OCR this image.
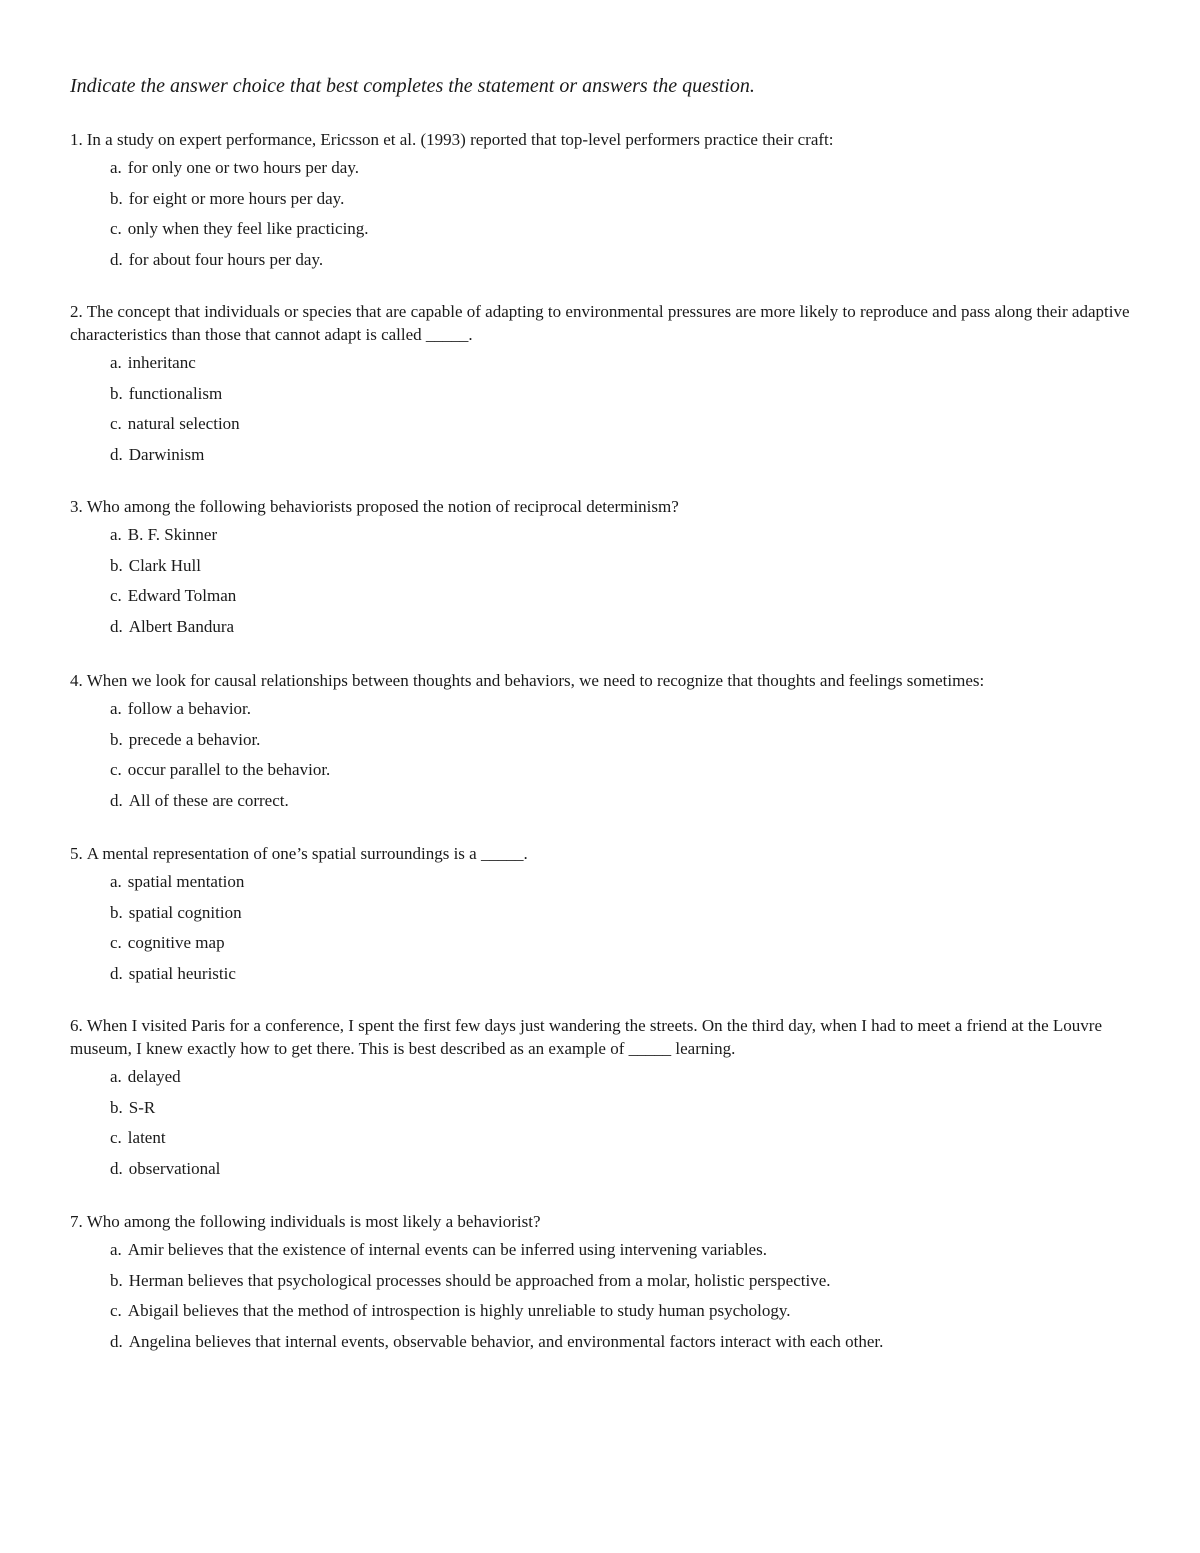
Indicate the answer choice that best completes the statement or answers the question.

1. In a study on expert performance, Ericsson et al. (1993) reported that top-level performers practice their craft:

a. for only one or two hours per day.
b. for eight or more hours per day.
c. only when they feel like practicing.
d. for about four hours per day.

2. The concept that individuals or species that are capable of adapting to environmental pressures are more likely to reproduce and pass along their adaptive characteristics than those that cannot adapt is called _____.

a. inheritanc
b. functionalism
c. natural selection
d. Darwinism

3. Who among the following behaviorists proposed the notion of reciprocal determinism?

a. B. F. Skinner
b. Clark Hull
c. Edward Tolman
d. Albert Bandura

4. When we look for causal relationships between thoughts and behaviors, we need to recognize that thoughts and feelings sometimes:

a. follow a behavior.
b. precede a behavior.
c. occur parallel to the behavior.
d. All of these are correct.

5. A mental representation of one’s spatial surroundings is a _____.

a. spatial mentation
b. spatial cognition
c. cognitive map
d. spatial heuristic

6. When I visited Paris for a conference, I spent the first few days just wandering the streets. On the third day, when I had to meet a friend at the Louvre museum, I knew exactly how to get there. This is best described as an example of _____ learning.

a. delayed
b. S-R
c. latent
d. observational

7. Who among the following individuals is most likely a behaviorist?

a. Amir believes that the existence of internal events can be inferred using intervening variables.
b. Herman believes that psychological processes should be approached from a molar, holistic perspective.
c. Abigail believes that the method of introspection is highly unreliable to study human psychology.
d. Angelina believes that internal events, observable behavior, and environmental factors interact with each other.
